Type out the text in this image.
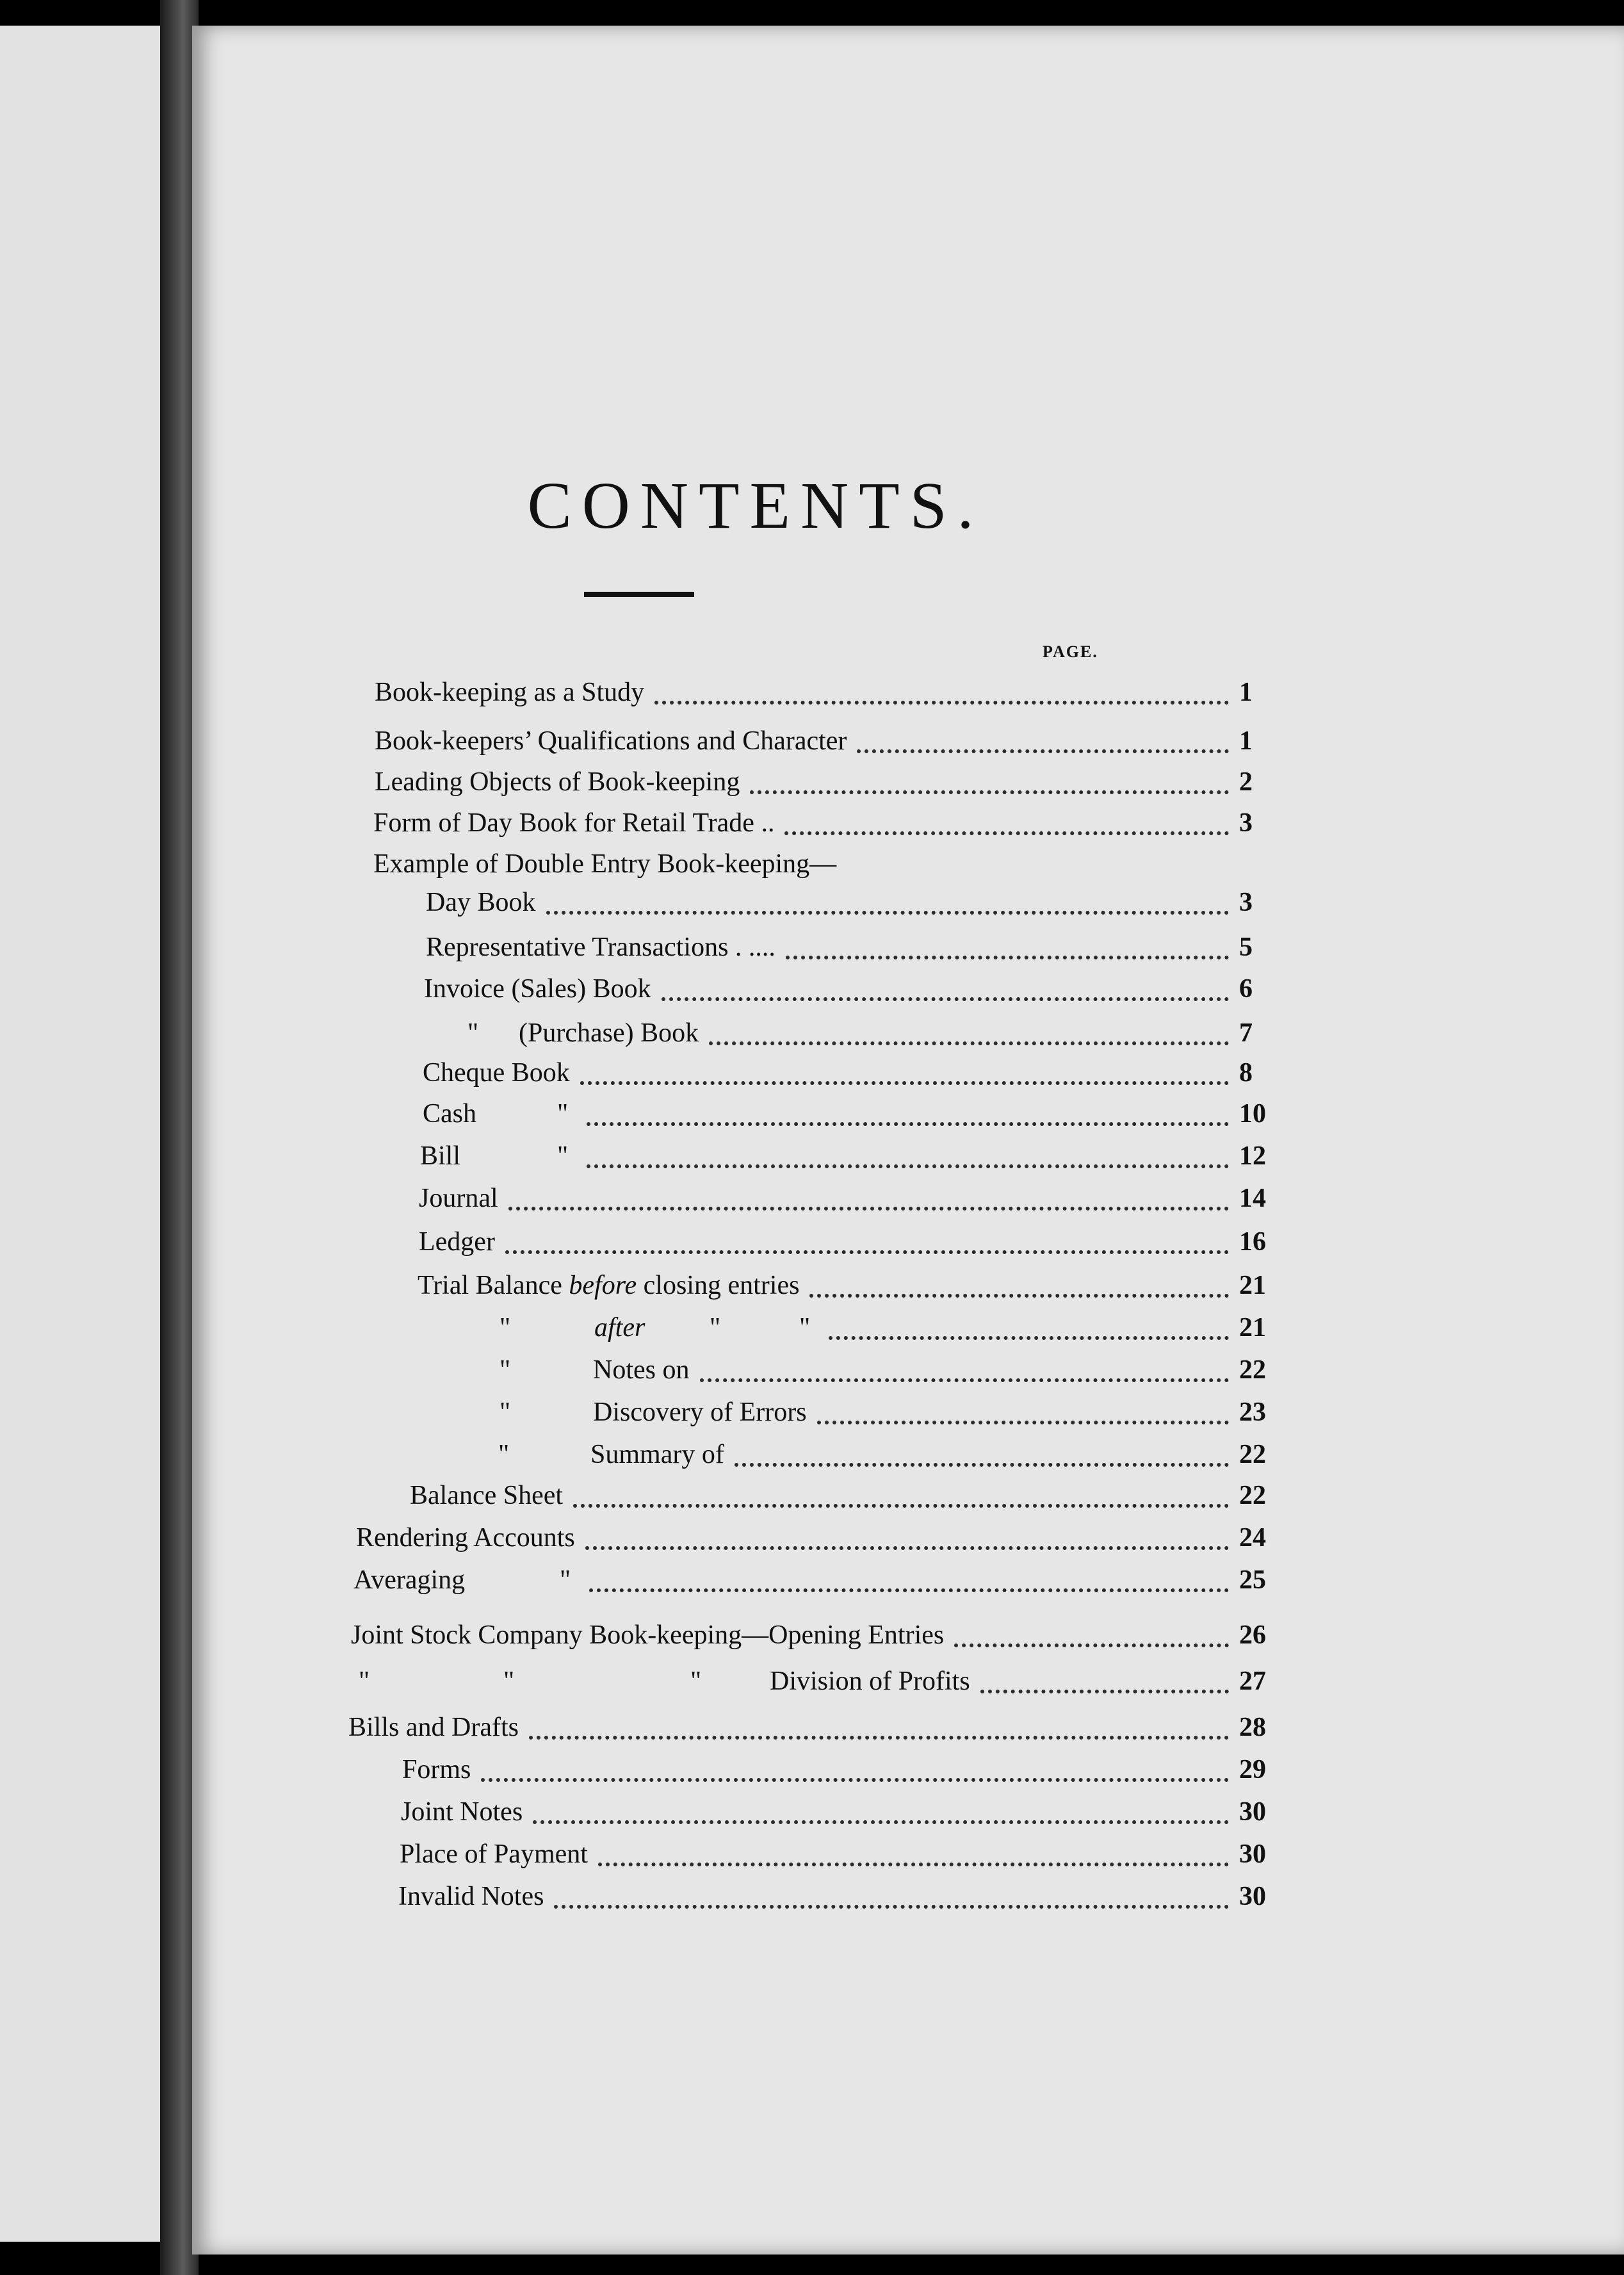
CONTENTS.
PAGE.
Book-keeping as a Study	1
Book-keepers’ Qualifications and Character	1
Leading Objects of Book-keeping	2
Form of Day Book for Retail Trade ..	3
Example of Double Entry Book-keeping—
Day Book	3
Representative Transactions . ....	5
Invoice (Sales) Book	6
"	(Purchase) Book	7
Cheque Book	8
Cash	"	10
Bill	"	12
Journal	14
Ledger	16
Trial Balance before closing entries	21
"	after	"	"	21
"	Notes on	22
"	Discovery of Errors	23
"	Summary of	22
Balance Sheet	22
Rendering Accounts	24
Averaging	"	25
Joint Stock Company Book-keeping—Opening Entries	26
"	"	"	Division of Profits	27
Bills and Drafts	28
Forms	29
Joint Notes	30
Place of Payment	30
Invalid Notes	30
